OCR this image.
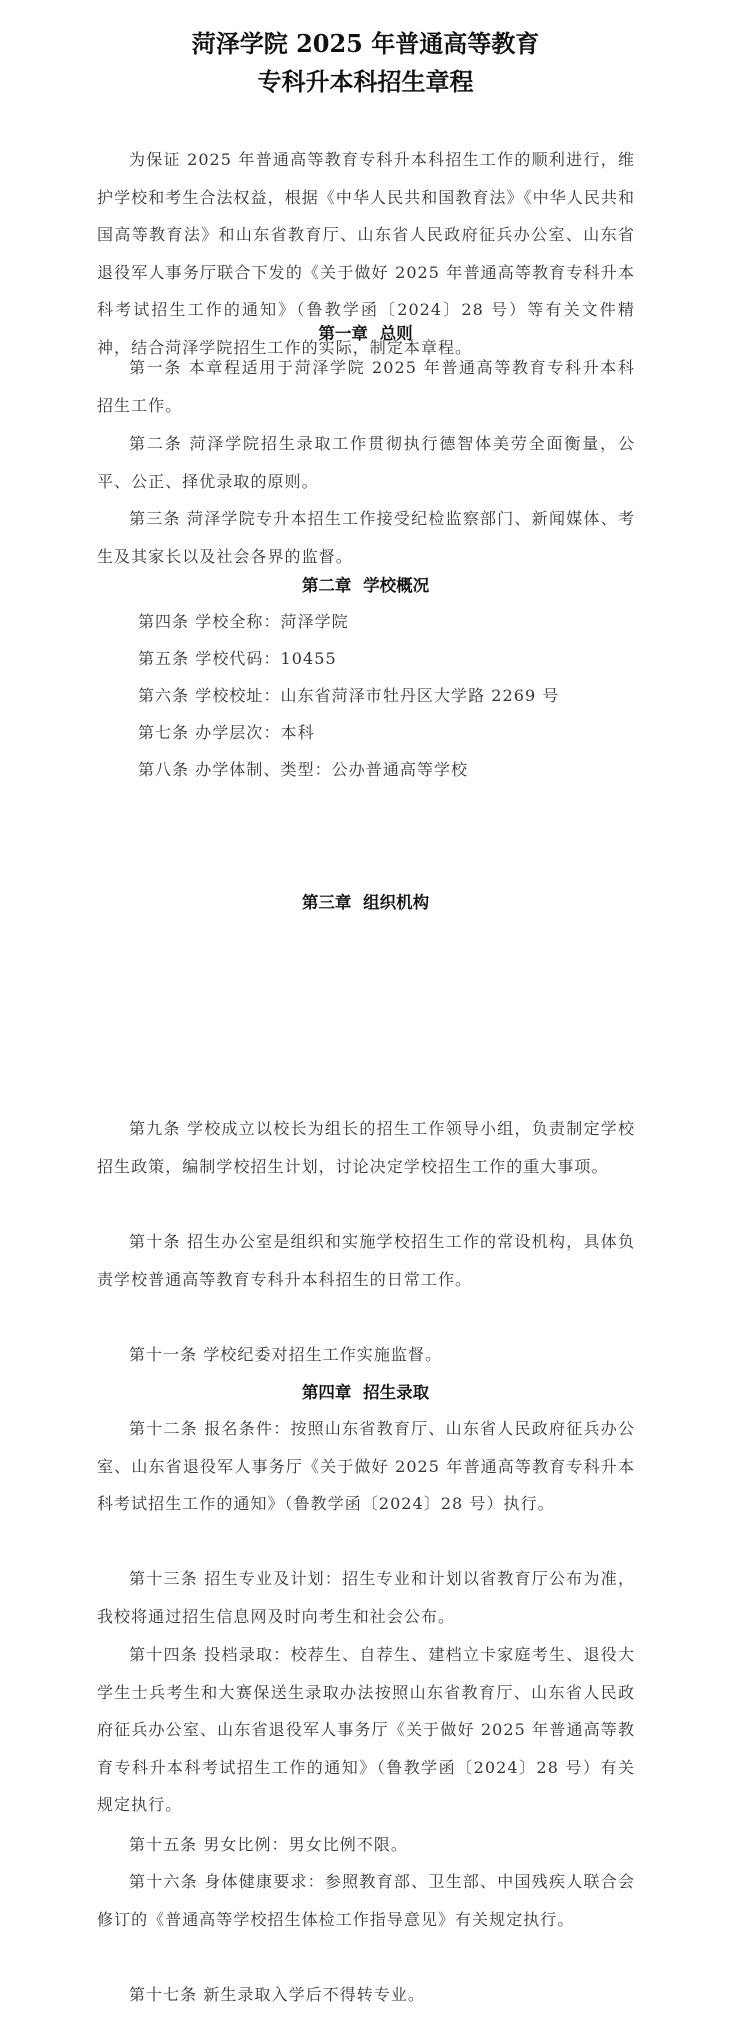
菏泽学院 2025 年普通高等教育
专科升本科招生章程

为保证 2025 年普通高等教育专科升本科招生工作的顺利进行，维护学校和考生合法权益，根据《中华人民共和国教育法》《中华人民共和国高等教育法》和山东省教育厅、山东省人民政府征兵办公室、山东省退役军人事务厅联合下发的《关于做好 2025 年普通高等教育专科升本科考试招生工作的通知》（鲁教学函〔2024〕28 号）等有关文件精神，结合菏泽学院招生工作的实际，制定本章程。

第一章 总则

第一条 本章程适用于菏泽学院 2025 年普通高等教育专科升本科招生工作。

第二条 菏泽学院招生录取工作贯彻执行德智体美劳全面衡量，公平、公正、择优录取的原则。

第三条 菏泽学院专升本招生工作接受纪检监察部门、新闻媒体、考生及其家长以及社会各界的监督。

第二章 学校概况
第四条 学校全称：菏泽学院
第五条 学校代码：10455
第六条 学校校址：山东省菏泽市牡丹区大学路 2269 号
第七条 办学层次：本科
第八条 办学体制、类型：公办普通高等学校
第三章 组织机构

第九条 学校成立以校长为组长的招生工作领导小组，负责制定学校招生政策，编制学校招生计划，讨论决定学校招生工作的重大事项。

第十条 招生办公室是组织和实施学校招生工作的常设机构，具体负责学校普通高等教育专科升本科招生的日常工作。

第十一条 学校纪委对招生工作实施监督。

第四章 招生录取

第十二条 报名条件：按照山东省教育厅、山东省人民政府征兵办公室、山东省退役军人事务厅《关于做好 2025 年普通高等教育专科升本科考试招生工作的通知》（鲁教学函〔2024〕28 号）执行。

第十三条 招生专业及计划：招生专业和计划以省教育厅公布为准，我校将通过招生信息网及时向考生和社会公布。

第十四条 投档录取：校荐生、自荐生、建档立卡家庭考生、退役大学生士兵考生和大赛保送生录取办法按照山东省教育厅、山东省人民政府征兵办公室、山东省退役军人事务厅《关于做好 2025 年普通高等教育专科升本科考试招生工作的通知》（鲁教学函〔2024〕28 号）有关规定执行。

第十五条 男女比例：男女比例不限。

第十六条 身体健康要求：参照教育部、卫生部、中国残疾人联合会修订的《普通高等学校招生体检工作指导意见》有关规定执行。

第十七条 新生录取入学后不得转专业。
